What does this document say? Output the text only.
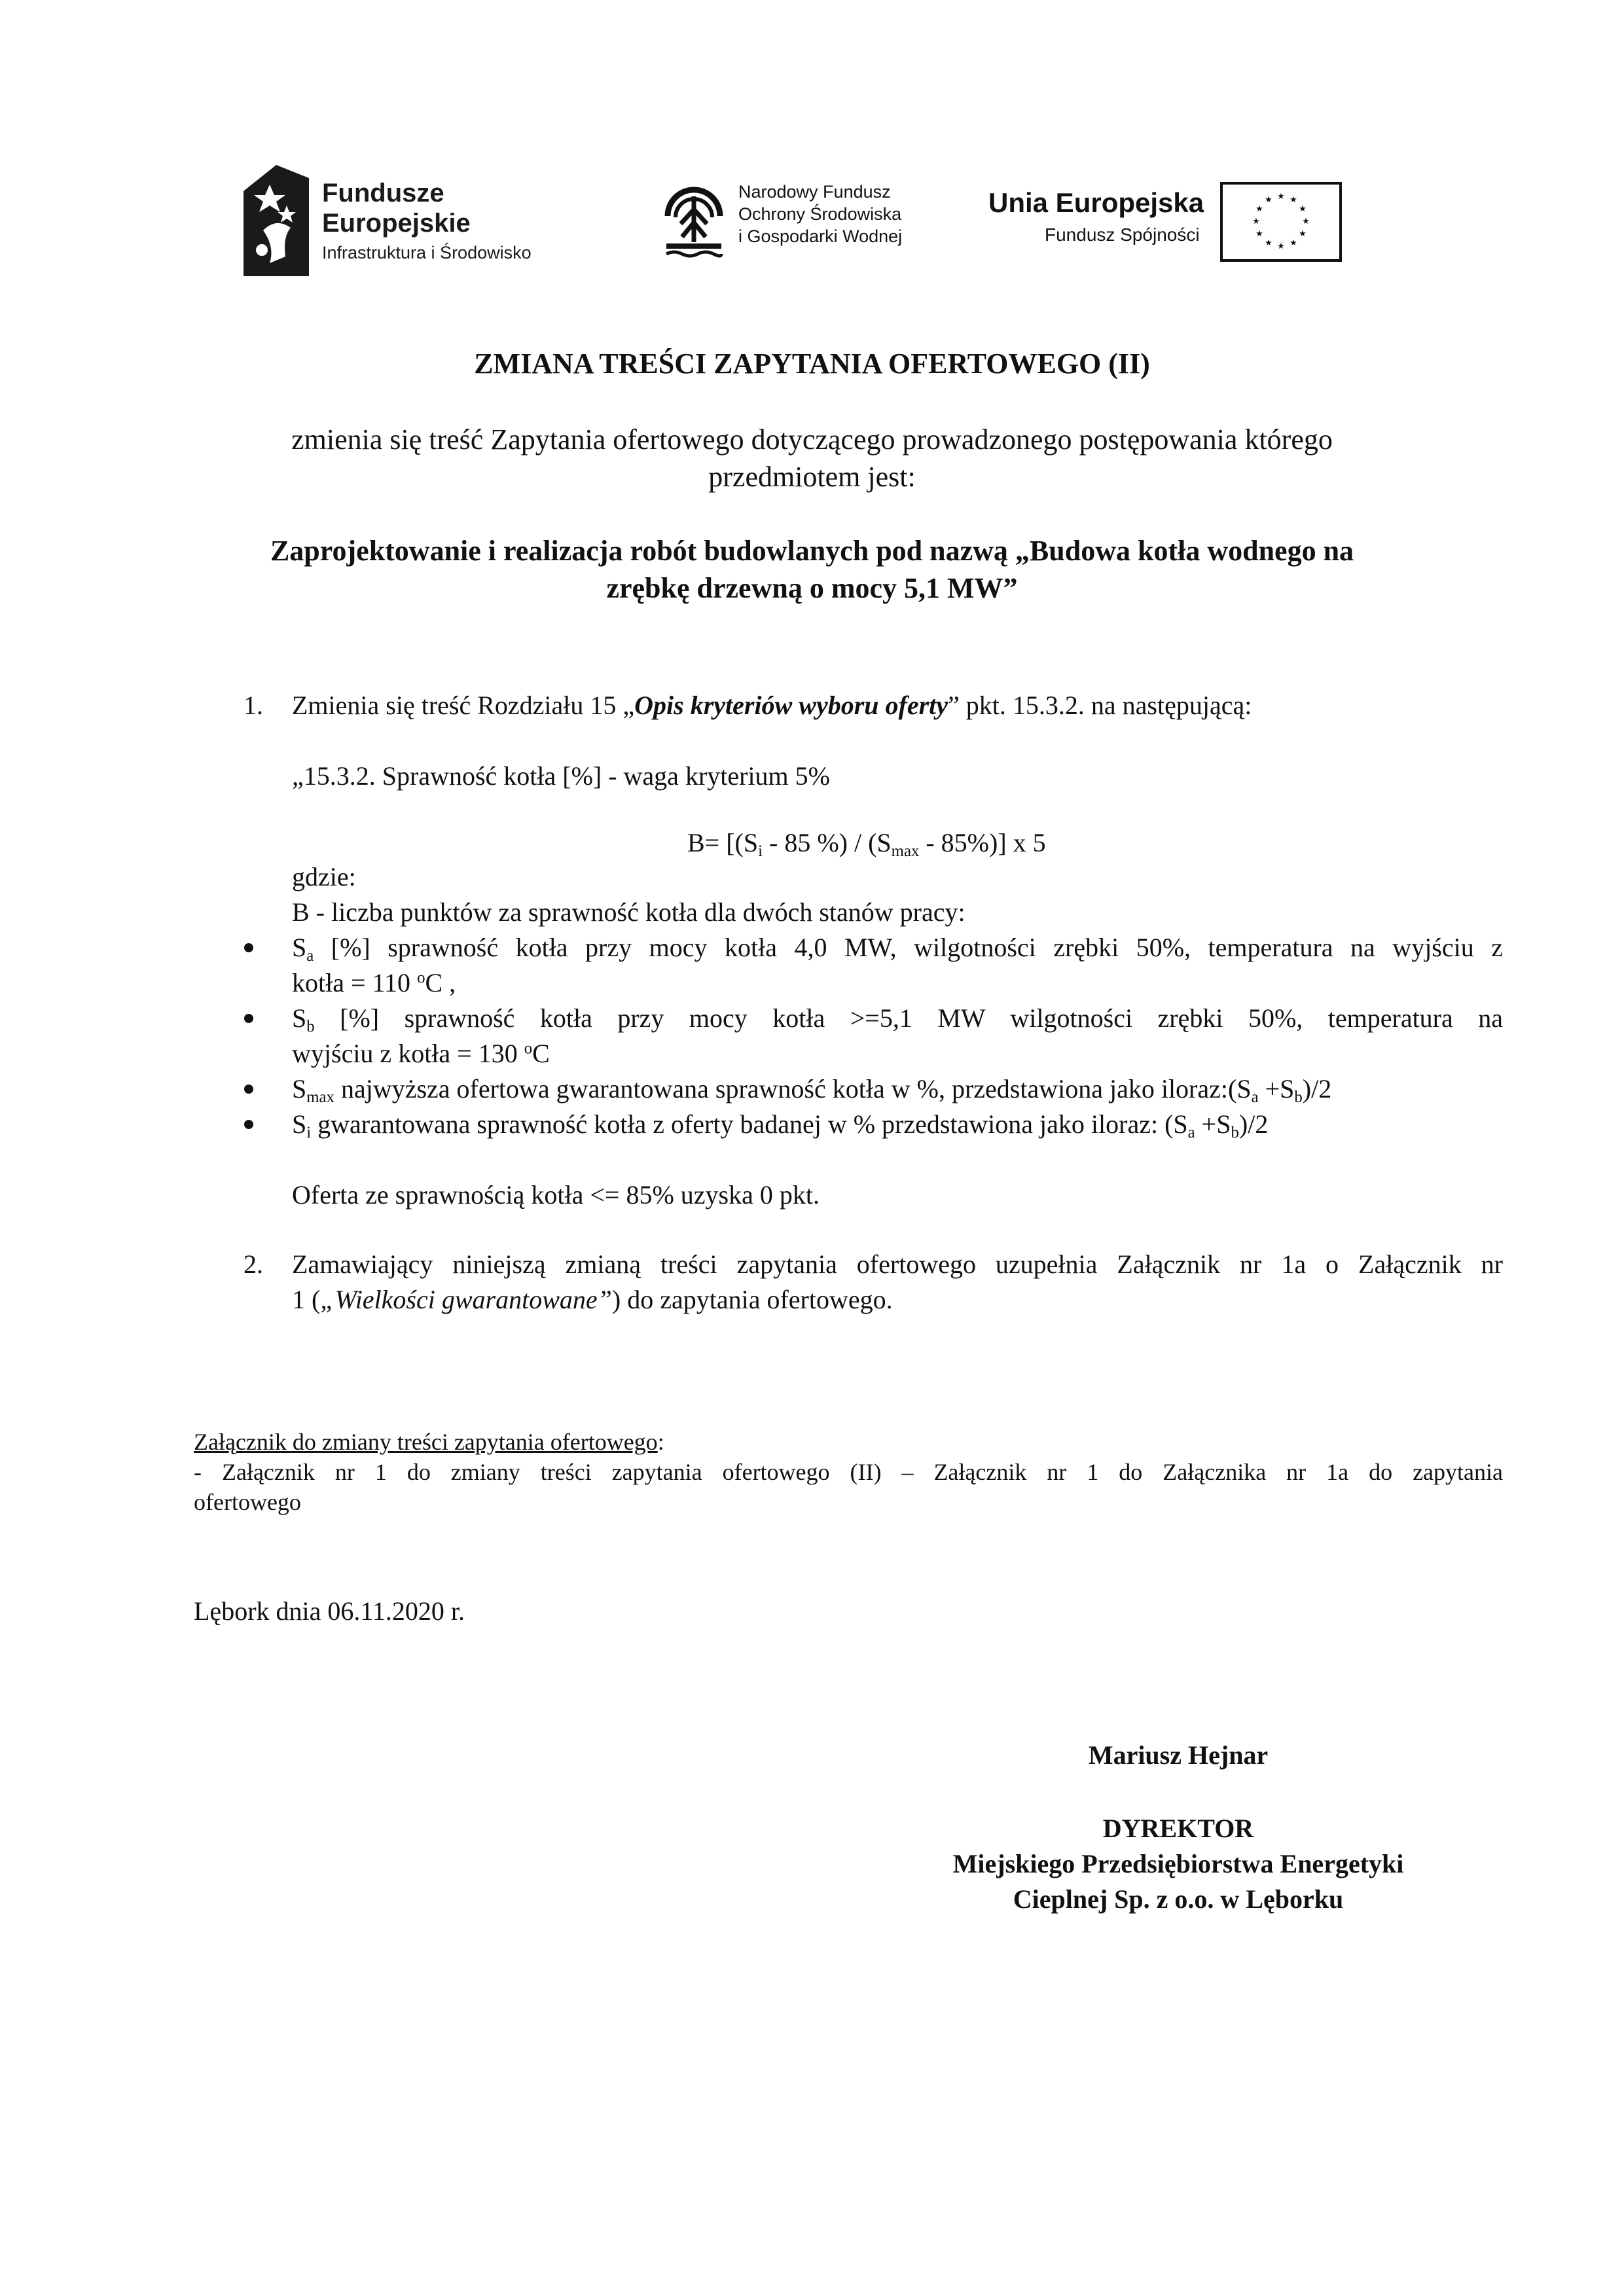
Fundusze
Europejskie
Infrastruktura i Środowisko
Narodowy Fundusz
Ochrony Środowiska
i Gospodarki Wodnej
Unia Europejska
Fundusz Spójności
★ ★
★
★
★
★
★
★
★
★
★
★
ZMIANA TREŚCI ZAPYTANIA OFERTOWEGO (II)
zmienia się treść Zapytania ofertowego dotyczącego prowadzonego postępowania którego
przedmiotem jest:
Zaprojektowanie i realizacja robót budowlanych pod nazwą „Budowa kotła wodnego na
zrębkę drzewną o mocy 5,1 MW”
1. Zmienia się treść Rozdziału 15 „Opis kryteriów wyboru oferty” pkt. 15.3.2. na następującą:
„15.3.2. Sprawność kotła [%] - waga kryterium 5%
$B= [(S_i - 85$ %) / $(S_{max} - 85\%)$] x 5
gdzie:
B - liczba punktów za sprawność kotła dla dwóch stanów pracy:
$S_a$ [%] sprawność kotła przy mocy kotła 4,0 MW, wilgotności zrębki 50%, temperatura na wyjściu z
kotła = 110 $^o$C ,
$S_b$ [%] sprawność kotła przy mocy kotła >=5,1 MW wilgotności zrębki 50%, temperatura na
wyjściu z kotła = 130 $^o$C
$S_{max}$ najwyższa ofertowa gwarantowana sprawność kotła w %, przedstawiona jako $iloraz:(S_a +S_b)/2$
$S_i$ gwarantowana sprawność kotła z oferty badanej w % przedstawiona jako iloraz: $(S_a +S_b)/2$
Oferta ze sprawnością kotła <= 85% uzyska 0 pkt.
2. Zamawiający niniejszą zmianą treści zapytania ofertowego uzupełnia Załącznik nr 1a o Załącznik nr
1 („Wielkości gwarantowane”) do zapytania ofertowego.
Załącznik do zmiany treści zapytania ofertowego:
- Załącznik nr 1 do zmiany treści zapytania ofertowego (II) – Załącznik nr 1 do Załącznika nr 1a do zapytania
ofertowego
Lębork dnia 06.11.2020 r.
Mariusz Hejnar
DYREKTOR
Miejskiego Przedsiębiorstwa Energetyki
Cieplnej Sp. z o.o. w Lęborku
